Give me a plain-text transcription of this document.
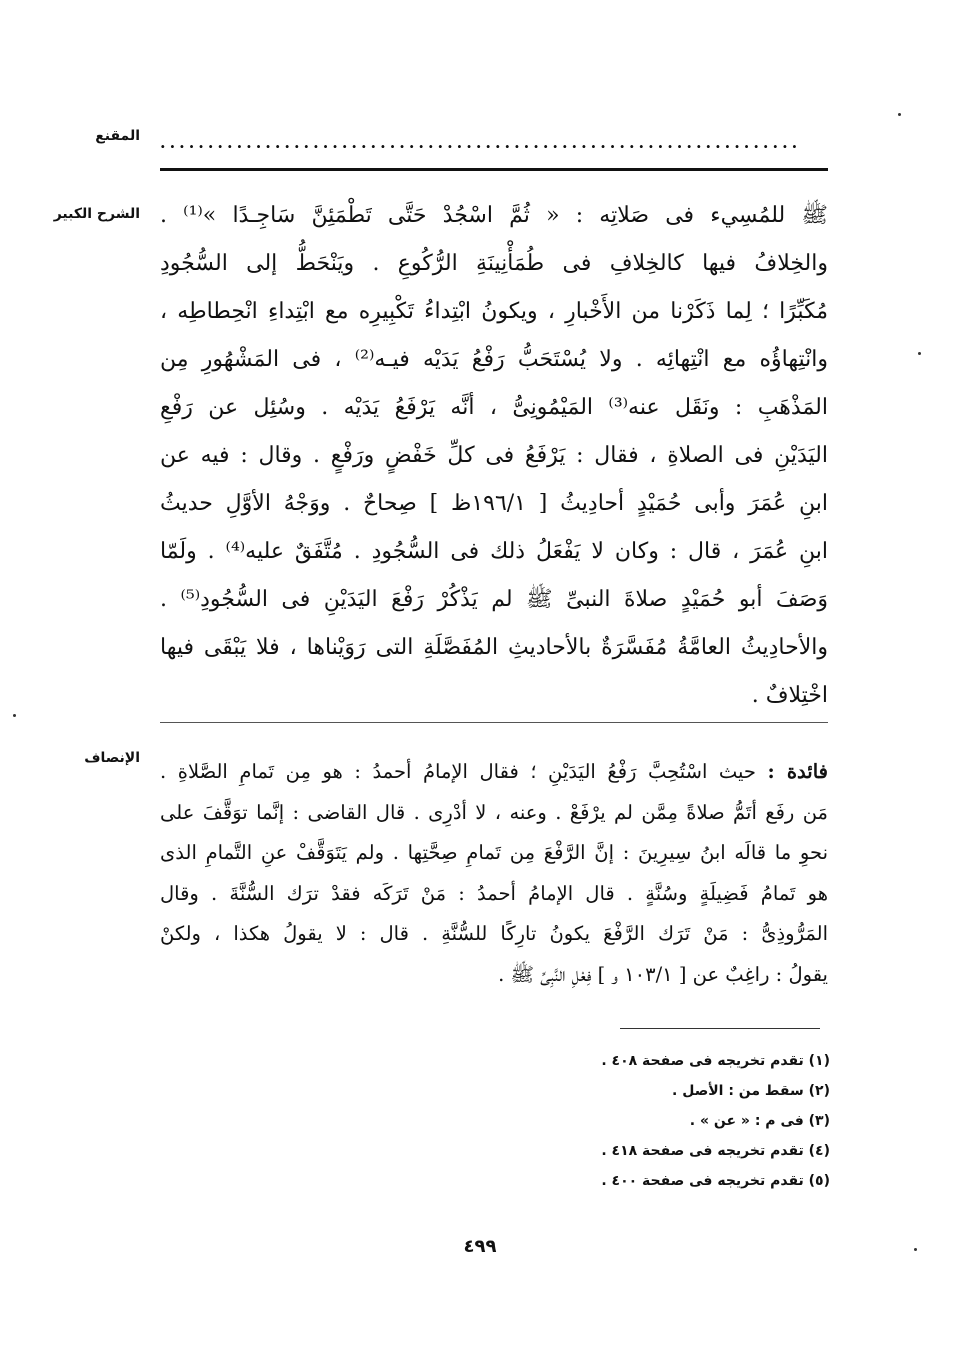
المقنع ...................................................................
الشرح الكبير ﷺ للمُسِيء فى صَلاتِه : « ثُمَّ اسْجُدْ حَتَّى تَطْمَئِنَّ سَاجِـدًا »⁽¹⁾ .
والخِلافُ فيها كالخِلافِ فى طُمَأْنِينَةِ الرُّكُوعِ . ويَنْحَطُّ إلى السُّجُودِ
مُكَبِّرًا ؛ لِما ذَكَرْنا من الأَخْبارِ ، ويكونُ ابْتِداءُ تَكْبِيرِه مع ابْتِداءِ انْحِطاطِه ،
وانْتِهاؤُه مع انْتِهائِه . ولا يُسْتَحَبُّ رَفْعُ يَدَيْه فيـه⁽²⁾ ، فى المَشْهُورِ مِن
المَذْهَبِ : ونَقَل عنه⁽³⁾ المَيْمُونِىُّ ، أنَّه يَرْفَعُ يَدَيْه . وسُئِل عن رَفْعِ
اليَدَيْنِ فى الصلاةِ ، فقال : يَرْفَعُ فى كلِّ خَفْضٍ ورَفْعٍ . وقال : فيه عن
ابنِ عُمَرَ وأبى حُمَيْدٍ أحادِيثُ [ ١٩٦/١ظ ] صِحاحٌ . ووَجْهُ الأوَّلِ حديثُ
ابنِ عُمَرَ ، قال : وكان لا يَفْعَلُ ذلك فى السُّجُودِ . مُتَّفَقٌ عليه⁽⁴⁾ . ولَمّا
وَصَفَ أبو حُمَيْدٍ صلاةَ النبىِّ ﷺ لم يَذْكُرْ رَفْعَ اليَدَيْنِ فى السُّجُودِ⁽⁵⁾ .
والأحادِيثُ العامَّةُ مُفَسَّرَةٌ بالأحاديثِ المُفَصَّلَةِ التى رَوَيْناها ، فلا يَبْقَى فيها
اخْتِلافٌ .
الإنصاف
فائدة : حيث اسْتُحِبَّ رَفْعُ اليَدَيْنِ ؛ فقال الإمامُ أحمدُ : هو مِن تَمامِ الصَّلاةِ .
مَن رفَع أتَمُّ صلاةً مِمَّن لم يرْفَعْ . وعنه ، لا أدْرِى . قال القاضى : إنَّما توَقَّفَ على
نحوِ ما قالَه ابنُ سِيرِينَ : إنَّ الرَّفْعَ مِن تَمامِ صِحَّتِها . ولم يَتَوَقَّفْ عنِ التَّمامِ الذى
هو تَمامُ فَضِيلَةٍ وسُنَّةٍ . قال الإمامُ أحمدُ : مَنْ تَرَكَه فقدْ ترَك السُّنَّةَ . وقال
المَرُّوذِىُّ : مَنْ تَرَك الرَّفْعَ يكونُ تارِكًا للسُّنَّةِ . قال : لا يقولُ هكذا ، ولكنْ
يقولُ : راغِبٌ عن [ ١٠٣/١ و ] فِعْلِ النَّبِىِّ ﷺ .
(١) تقدم تخريجه فى صفحة ٤٠٨ .
(٢) سقط من : الأصل .
(٣) فى م : « عن » .
(٤) تقدم تخريجه فى صفحة ٤١٨ .
(٥) تقدم تخريجه فى صفحة ٤٠٠ .
٤٩٩
